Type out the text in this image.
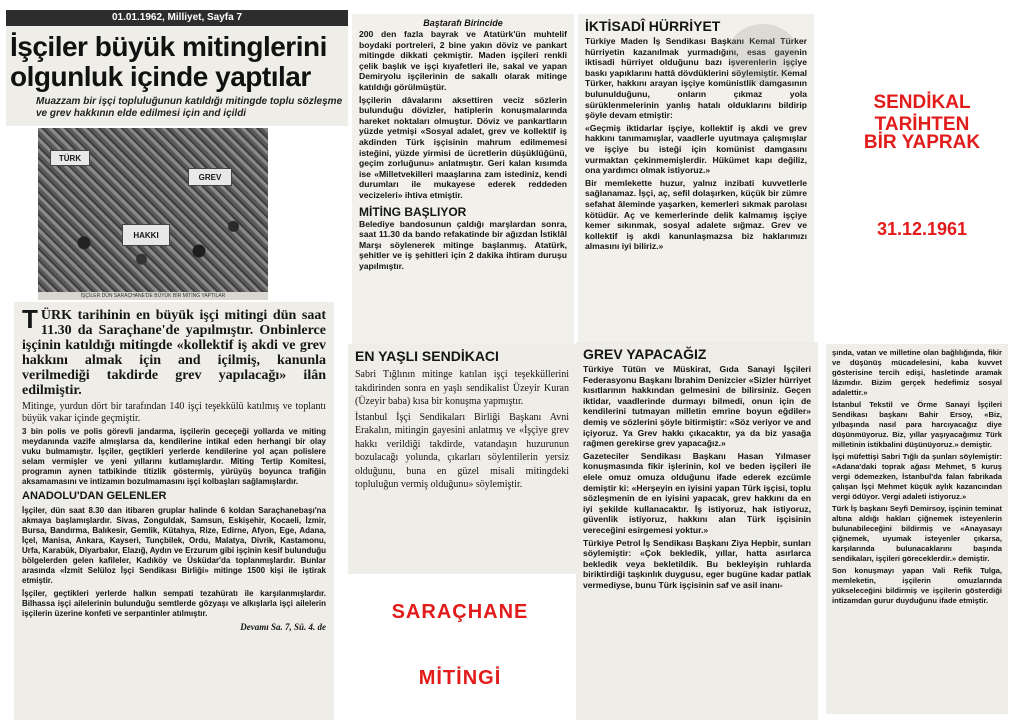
01.01.1962, Milliyet, Sayfa 7
İşçiler büyük mitinglerini olgunluk içinde yaptılar
Muazzam bir işçi topluluğunun katıldığı mitingde toplu sözleşme ve grev hakkının elde edilmesi için and içildi
TÜRK
GREV
HAKKI
İŞÇİLER DÜN SARAÇHANE'DE BÜYÜK BİR MİTİNG YAPTILAR
TÜRK tarihinin en büyük işçi mitingi dün saat 11.30 da Saraçhane'de yapılmıştır. Onbinlerce işçinin katıldığı mitingde «kollektif iş akdi ve grev hakkını almak için and içilmiş, kanunla verilmediği takdirde grev yapılacağı» ilân edilmiştir.
Mitinge, yurdun dört bir tarafından 140 işçi teşekkülü katılmış ve toplantı büyük vakar içinde geçmiştir.
3 bin polis ve polis görevli jandarma, işçilerin geceçeği yollarda ve miting meydanında vazife almışlarsa da, kendilerine intikal eden herhangi bir olay vuku bulmamıştır. İşçiler, geçtikleri yerlerde kendilerine yol açan polislere selam vermişler ve yeni yıllarını kutlamışlardır. Miting Tertip Komitesi, programın aynen tatbikinde titizlik göstermiş, yürüyüş boyunca trafiğin aksamamasını ve intizamın bozulmamasını işçi kolbaşları sağlamışlardır.
ANADOLU'DAN GELENLER
İşçiler, dün saat 8.30 dan itibaren gruplar halinde 6 koldan Saraçhanebaşı'na akmaya başlamışlardır. Sivas, Zonguldak, Samsun, Eskişehir, Kocaeli, İzmir, Bursa, Bandırma, Balıkesir, Gemlik, Kütahya, Rize, Edirne, Afyon, Ege, Adana, İçel, Manisa, Ankara, Kayseri, Tunçbilek, Ordu, Malatya, Divrik, Kastamonu, Urfa, Karabük, Diyarbakır, Elazığ, Aydın ve Erzurum gibi işçinin kesif bulunduğu bölgelerden gelen kafileler, Kadıköy ve Üsküdar'da toplanmışlardır. Bunlar arasında «İzmit Selüloz İşçi Sendikası Birliği» mitinge 1500 kişi ile iştirak etmiştir.
İşçiler, geçtikleri yerlerde halkın sempati tezahüratı ile karşılanmışlardır. Bilhassa işçi ailelerinin bulunduğu semtlerde gözyaşı ve alkışlarla işçi ailelerin işçilerin üzerine konfeti ve serpantinler atılmıştır.
Devamı Sa. 7, Sü. 4. de
Baştarafı Birincide
200 den fazla bayrak ve Atatürk'ün muhtelif boydaki portreleri, 2 bine yakın döviz ve pankart mitingde dikkati çekmiştir. Maden işçileri renkli çelik başlık ve işçi kıyafetleri ile, sakal ve yapan Demiryolu işçilerinin de sakallı olarak mitinge katıldığı görülmüştür.
İşçilerin dâvalarını aksettiren veciz sözlerin bulunduğu dövizler, hatiplerin konuşmalarında hareket noktaları olmuştur. Döviz ve pankartların yüzde yetmişi «Sosyal adalet, grev ve kollektif iş akdinden Türk işçisinin mahrum edilmemesi isteğini, yüzde yirmisi de ücretlerin düşüklüğünü, geçim zorluğunu» anlatmıştır. Geri kalan kısımda ise «Milletvekilleri maaşlarına zam istediniz, kendi durumları ile mukayese ederek reddeden vecizeleri» ihtiva etmiştir.
MİTİNG BAŞLIYOR
Belediye bandosunun çaldığı marşlardan sonra, saat 11.30 da bando refakatinde bir ağızdan İstiklâl Marşı söylenerek mitinge başlanmış. Atatürk, şehitler ve iş şehitleri için 2 dakika ihtiram duruşu yapılmıştır.
EN YAŞLI SENDİKACI
Sabri Tığlının mitinge katılan işçi teşekküllerini takdirinden sonra en yaşlı sendikalist Üzeyir Kuran (Üzeyir baba) kısa bir konuşma yapmıştır.
İstanbul İşçi Sendikaları Birliği Başkanı Avni Erakalın, mitingin gayesini anlatmış ve «İşçiye grev hakkı verildiği takdirde, vatandaşın huzurunun bozulacağı yolunda, çıkarları söylentilerin yersiz olduğunu, buna en güzel misali mitingdeki topluluğun vermiş olduğunu» söylemiştir.
İKTİSADÎ HÜRRİYET
Türkiye Maden İş Sendikası Başkanı Kemal Türker hürriyetin kazanılmak yurmadığını, esas gayenin iktisadi hürriyet olduğunu bazı işverenlerin işçiye baskı yapıklarını hattâ dövdüklerini söylemiştir. Kemal Türker, hakkını arayan işçiye komünistlik damgasının bulunulduğunu, onların çıkmaz yola sürüklenmelerinin yanlış hatalı olduklarını bildirip şöyle devam etmiştir:
«Geçmiş iktidarlar işçiye, kollektif iş akdi ve grev hakkını tanımamışlar, vaadlerle uyutmaya çalışmışlar ve işçiye bu isteği için komünist damgasını vurmaktan çekinmemişlerdir. Hükümet kapı değiliz, ona yardımcı olmak istiyoruz.»
Bir memlekette huzur, yalnız inzibati kuvvetlerle sağlanamaz. İşçi, aç, sefil dolaşırken, küçük bir zümre sefahat âleminde yaşarken, kemerleri sıkmak parolası kötüdür. Aç ve kemerlerinde delik kalmamış işçiye kemer sıkınmak, sosyal adalete sığmaz. Grev ve kollektif iş akdi kanunlaşmazsa biz haklarımızı almasını iyi biliriz.»
GREV YAPACAĞIZ
Türkiye Tütün ve Müskirat, Gıda Sanayi İşçileri Federasyonu Başkanı İbrahim Denizcier «Sizler hürriyet kısıtlarının hakkından gelmesini de bilirsiniz. Geçen iktidar, vaadlerinde durmayı bilmedi, onun için de kendilerini tutmayan milletin emrine boyun eğdiler» demiş ve sözlerini şöyle bitirmiştir: «Söz veriyor ve and içiyoruz. Ya Grev hakkı çıkacaktır, ya da biz yasağa rağmen gerekirse grev yapacağız.»
Gazeteciler Sendikası Başkanı Hasan Yılmaser konuşmasında fikir işlerinin, kol ve beden işçileri ile elele omuz omuza olduğunu ifade ederek ezcümle demiştir ki: «Herşeyin en iyisini yapan Türk işçisi, toplu sözleşmenin de en iyisini yapacak, grev hakkını da en iyi şekilde kullanacaktır. İş istiyoruz, hak istiyoruz, güvenlik istiyoruz, hakkını alan Türk işçisinin vereceğini esirgemesi yoktur.»
Türkiye Petrol İş Sendikası Başkanı Ziya Hepbir, sunları söylemiştir: «Çok bekledik, yıllar, hatta asırlarca bekledik veya bekletildik. Bu bekleyişin ruhlarda biriktirdiği taşkınlık duygusu, eger bugüne kadar patlak vermediyse, bunu Türk işçisinin saf ve asil inanı-
şında, vatan ve milletine olan bağlılığında, fikir ve düşünüş mücadelesini, kaba kuvvet gösterisine tercih edişi, hasletinde aramak lâzımdır. Bizim gerçek hedefimiz sosyal adalettir.»
İstanbul Tekstil ve Örme Sanayi İşçileri Sendikası başkanı Bahir Ersoy, «Biz, yılbaşında nasıl para harcıyacağız diye düşünmüyoruz. Biz, yıllar yaşıyacağımız Türk milletinin istikbalini düşünüyoruz.» demiştir.
İşçi müfettişi Sabri Tığlı da şunları söylemiştir: «Adana'daki toprak ağası Mehmet, 5 kuruş vergi ödemezken, İstanbul'da falan fabrikada çalışan İşçi Mehmet küçük aylık kazancından vergi ödüyor. Vergi adaleti istiyoruz.»
Türk İş başkanı Seyfi Demirsoy, işçinin teminat altına aldığı hakları çiğnemek isteyenlerin bulunabileceğini bildirmiş ve «Anayasayı çiğnemek, uyumak isteyenler çıkarsa, karşılarında bulunacaklarını başında sendikaları, işçileri göreceklerdir.» demiştir.
Son konuşmayı yapan Vali Refik Tulga, memleketin, işçilerin omuzlarında yükseleceğini bildirmiş ve işçilerin gösterdiği intizamdan gurur duyduğunu ifade etmiştir.
SENDİKAL TARİHTEN
BİR YAPRAK
31.12.1961
SARAÇHANE
MİTİNGİ
